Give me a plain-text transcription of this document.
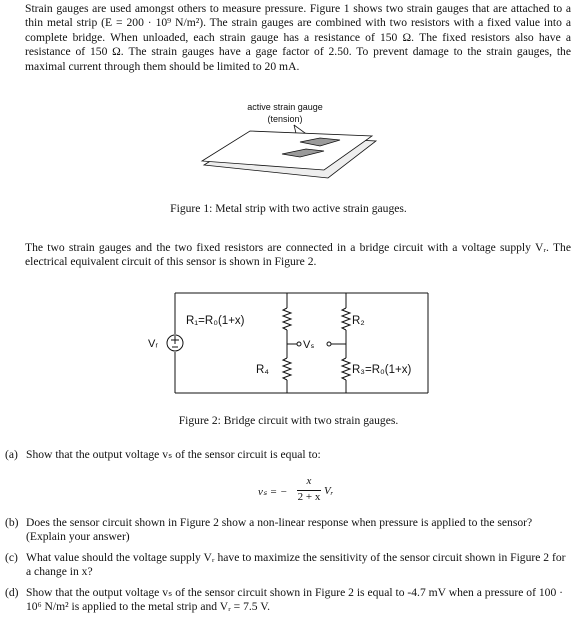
Strain gauges are used amongst others to measure pressure. Figure 1 shows two strain gauges that are attached to a thin metal strip (E = 200 · 10⁹ N/m²). The strain gauges are combined with two resistors with a fixed value into a complete bridge. When unloaded, each strain gauge has a resistance of 150 Ω. The fixed resistors also have a resistance of 150 Ω. The strain gauges have a gage factor of 2.50. To prevent damage to the strain gauges, the maximal current through them should be limited to 20 mA.
active strain gauge
(tension)
Figure 1: Metal strip with two active strain gauges.
The two strain gauges and the two fixed resistors are connected in a bridge circuit with a voltage supply Vᵣ. The electrical equivalent circuit of this sensor is shown in Figure 2.
Vᵣ	Vₛ
R₁=R₀(1+x)	R₂
R₃=R₀(1+x)
R₄
Figure 2: Bridge circuit with two strain gauges.
(a) Show that the output voltage vₛ of the sensor circuit is equal to:
vₛ = −
x
2 + x Vᵣ
(b) Does the sensor circuit shown in Figure 2 show a non-linear response when pressure is applied to the sensor? (Explain your answer)
(c) What value should the voltage supply Vᵣ have to maximize the sensitivity of the sensor circuit shown in Figure 2 for a change in x?
(d) Show that the output voltage vₛ of the sensor circuit shown in Figure 2 is equal to -4.7 mV when a pressure of 100 · 10⁶ N/m² is applied to the metal strip and Vᵣ = 7.5 V.
